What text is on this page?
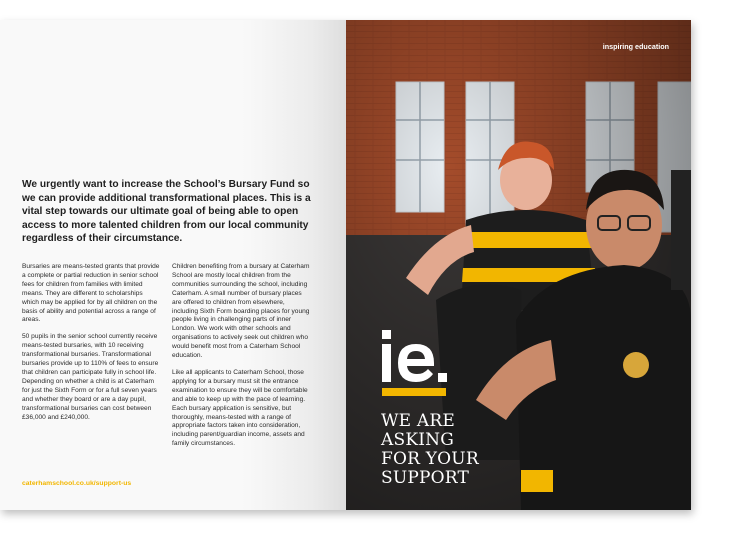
We urgently want to increase the School’s Bursary Fund so we can provide additional transformational places. This is a vital step towards our ultimate goal of being able to open access to more talented children from our local community regardless of their circumstance.

Bursaries are means-tested grants that provide a complete or partial reduction in senior school fees for children from families with limited means. They are different to scholarships which may be applied for by all children on the basis of ability and potential across a range of areas.

50 pupils in the senior school currently receive means-tested bursaries, with 10 receiving transformational bursaries. Transformational bursaries provide up to 110% of fees to ensure that children can participate fully in school life. Depending on whether a child is at Caterham for just the Sixth Form or for a full seven years and whether they board or are a day pupil, transformational bursaries can cost between £36,000 and £240,000.

Children benefiting from a bursary at Caterham School are mostly local children from the communities surrounding the school, including Caterham. A small number of bursary places are offered to children from elsewhere, including Sixth Form boarding places for young people living in challenging parts of inner London. We work with other schools and organisations to actively seek out children who would benefit most from a Caterham School education.

Like all applicants to Caterham School, those applying for a bursary must sit the entrance examination to ensure they will be comfortable and able to keep up with the pace of learning. Each bursary application is sensitive, but thoroughly, means-tested with a range of appropriate factors taken into consideration, including parent/guardian income, assets and family circumstances.

caterhamschool.co.uk/support-us
inspiring education
WE ARE
ASKING
FOR YOUR
SUPPORT
